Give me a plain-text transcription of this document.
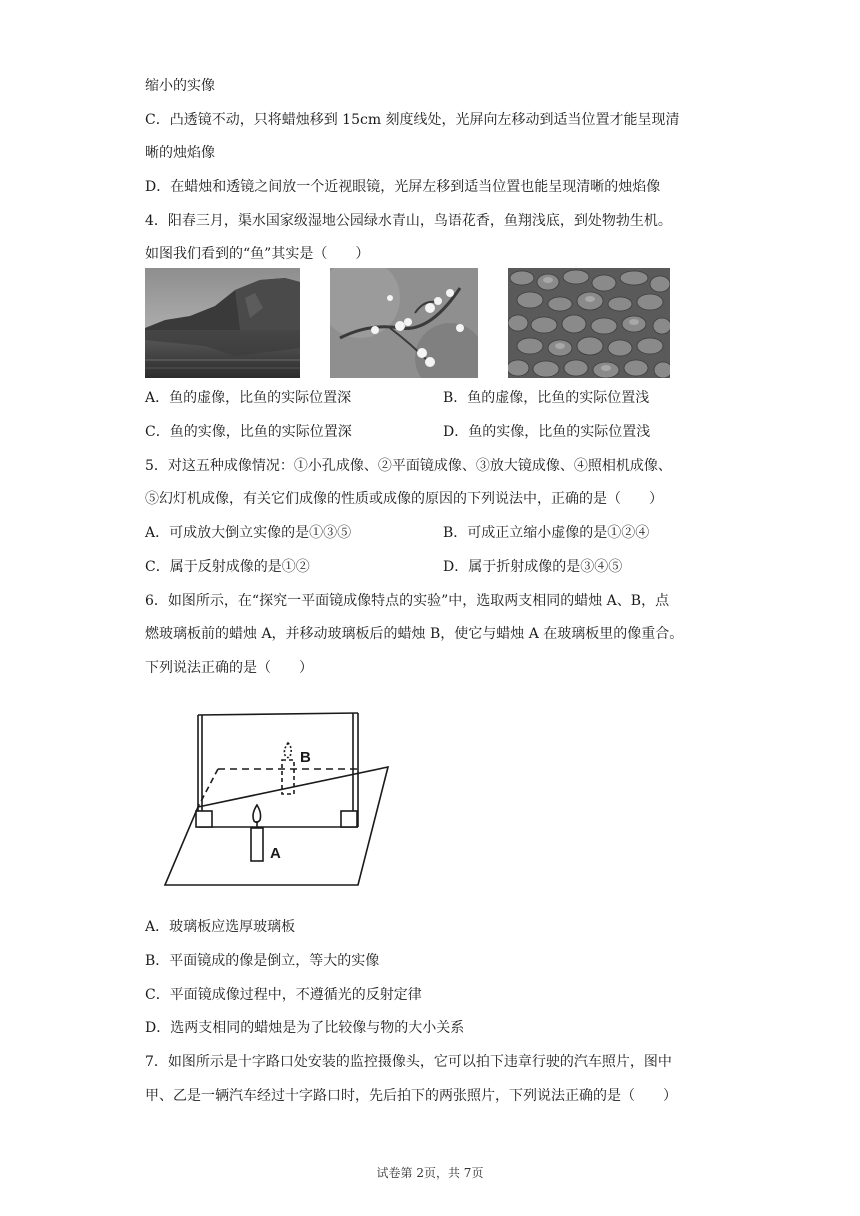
缩小的实像
C．凸透镜不动，只将蜡烛移到 15cm 刻度线处，光屏向左移动到适当位置才能呈现清
晰的烛焰像
D．在蜡烛和透镜之间放一个近视眼镜，光屏左移到适当位置也能呈现清晰的烛焰像
4．阳春三月，渠水国家级湿地公园绿水青山，鸟语花香，鱼翔浅底，到处物勃生机。
如图我们看到的“鱼”其实是（　　）
A．鱼的虚像，比鱼的实际位置深	B．鱼的虚像，比鱼的实际位置浅
C．鱼的实像，比鱼的实际位置深	D．鱼的实像，比鱼的实际位置浅
5．对这五种成像情况：①小孔成像、②平面镜成像、③放大镜成像、④照相机成像、
⑤幻灯机成像，有关它们成像的性质或成像的原因的下列说法中，正确的是（　　）
A．可成放大倒立实像的是①③⑤	B．可成正立缩小虚像的是①②④
C．属于反射成像的是①②	D．属于折射成像的是③④⑤
6．如图所示，在“探究一平面镜成像特点的实验”中，选取两支相同的蜡烛 A、B，点
燃玻璃板前的蜡烛 A，并移动玻璃板后的蜡烛 B，使它与蜡烛 A 在玻璃板里的像重合。
下列说法正确的是（　　）
B
A
A．玻璃板应选厚玻璃板
B．平面镜成的像是倒立，等大的实像
C．平面镜成像过程中，不遵循光的反射定律
D．选两支相同的蜡烛是为了比较像与物的大小关系
7．如图所示是十字路口处安装的监控摄像头，它可以拍下违章行驶的汽车照片，图中
甲、乙是一辆汽车经过十字路口时，先后拍下的两张照片，下列说法正确的是（　　）
试卷第 2页，共 7页
